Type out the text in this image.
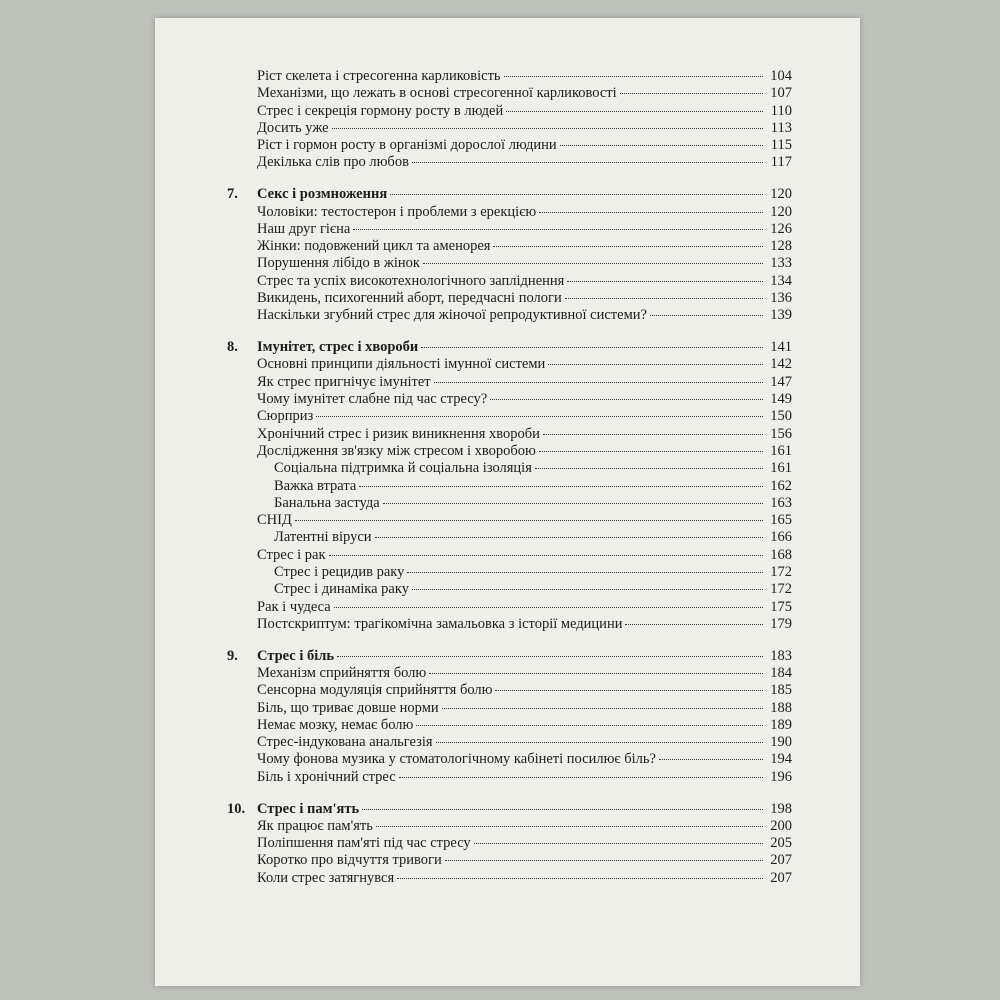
Ріст скелета і стресогенна карликовість	104
Механізми, що лежать в основі стресогенної карликовості	107
Стрес і секреція гормону росту в людей	110
Досить уже	113
Ріст і гормон росту в організмі дорослої людини	115
Декілька слів про любов	117
7.	Секс і розмноження	120
Чоловіки: тестостерон і проблеми з ерекцією	120
Наш друг гієна	126
Жінки: подовжений цикл та аменорея	128
Порушення лібідо в жінок	133
Стрес та успіх високотехнологічного запліднення	134
Викидень, психогенний аборт, передчасні пологи	136
Наскільки згубний стрес для жіночої репродуктивної системи?	139
8.	Імунітет, стрес і хвороби	141
Основні принципи діяльності імунної системи	142
Як стрес пригнічує імунітет	147
Чому імунітет слабне під час стресу?	149
Сюрприз	150
Хронічний стрес і ризик виникнення хвороби	156
Дослідження зв'язку між стресом і хворобою	161
Соціальна підтримка й соціальна ізоляція	161
Важка втрата	162
Банальна застуда	163
СНІД	165
Латентні віруси	166
Стрес і рак	168
Стрес і рецидив раку	172
Стрес і динаміка раку	172
Рак і чудеса	175
Постскриптум: трагікомічна замальовка з історії медицини	179
9.	Стрес і біль	183
Механізм сприйняття болю	184
Сенсорна модуляція сприйняття болю	185
Біль, що триває довше норми	188
Немає мозку, немає болю	189
Стрес-індукована анальгезія	190
Чому фонова музика у стоматологічному кабінеті посилює біль?	194
Біль і хронічний стрес	196
10. Стрес і пам'ять	198
Як працює пам'ять	200
Поліпшення пам'яті під час стресу	205
Коротко про відчуття тривоги	207
Коли стрес затягнувся	207
